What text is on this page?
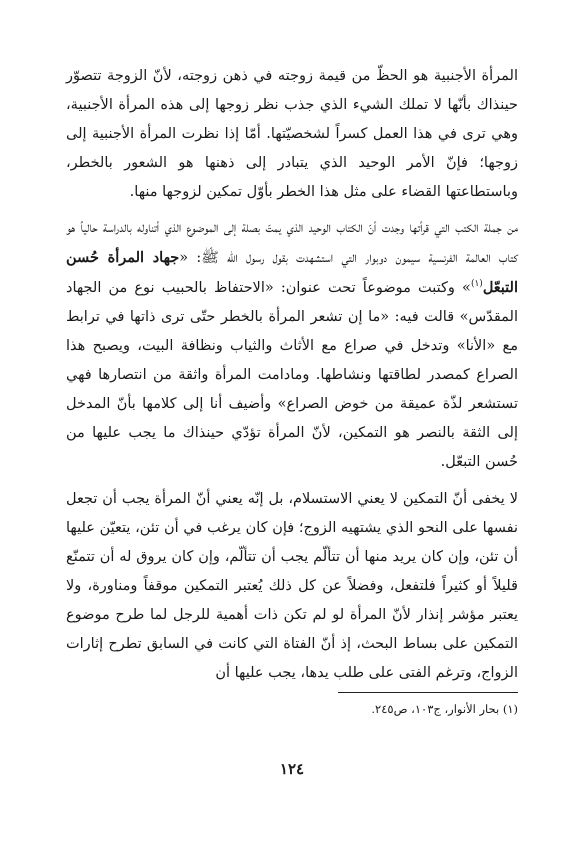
المرأة الأجنبية هو الحظّ من قيمة زوجته في ذهن زوجته، لأنّ الزوجة تتصوّر حينذاك بأنّها لا تملك الشيء الذي جذب نظر زوجها إلى هذه المرأة الأجنبية، وهي ترى في هذا العمل كسراً لشخصيّتها. أمّا إذا نظرت المرأة الأجنبية إلى زوجها؛ فإنّ الأمر الوحيد الذي يتبادر إلى ذهنها هو الشعور بالخطر، وباستطاعتها القضاء على مثل هذا الخطر بأوّل تمكين لزوجها منها.

من جملة الكتب التي قرأتها وجدت أنّ الكتاب الوحيد الذي يمتّ بصلة إلى الموضوع الذي أتناوله بالدراسة حالياً هو كتاب العالمة الفرنسية سيمون دوبوار التي استشهدت بقول رسول الله ﷺ: «جهاد المرأة حُسن التبعّل$^{(١)}$» وكتبت موضوعاً تحت عنوان: «الاحتفاظ بالحبيب نوع من الجهاد المقدّس» قالت فيه: «ما إن تشعر المرأة بالخطر حتّى ترى ذاتها في ترابط مع «الأنا» وتدخل في صراع مع الأثاث والثياب ونظافة البيت، ويصبح هذا الصراع كمصدر لطاقتها ونشاطها. ومادامت المرأة واثقة من انتصارها فهي تستشعر لذّة عميقة من خوض الصراع» وأضيف أنا إلى كلامها بأنّ المدخل إلى الثقة بالنصر هو التمكين، لأنّ المرأة تؤدّي حينذاك ما يجب عليها من حُسن التبعّل.

لا يخفى أنّ التمكين لا يعني الاستسلام، بل إنّه يعني أنّ المرأة يجب أن تجعل نفسها على النحو الذي يشتهيه الزوج؛ فإن كان يرغب في أن تئن، يتعيّن عليها أن تئن، وإن كان يريد منها أن تتألّم يجب أن تتألّم، وإن كان يروق له أن تتمنّع قليلاً أو كثيراً فلتفعل، وفضلاً عن كل ذلك يُعتبر التمكين موقفاً ومناورة، ولا يعتبر مؤشر إنذار لأنّ المرأة لو لم تكن ذات أهمية للرجل لما طرح موضوع التمكين على بساط البحث، إذ أنّ الفتاة التي كانت في السابق تطرح إثارات الزواج، وترغم الفتى على طلب يدها، يجب عليها أن

(١) بحار الأنوار، ج١٠٣، ص٢٤٥.
١٢٤
